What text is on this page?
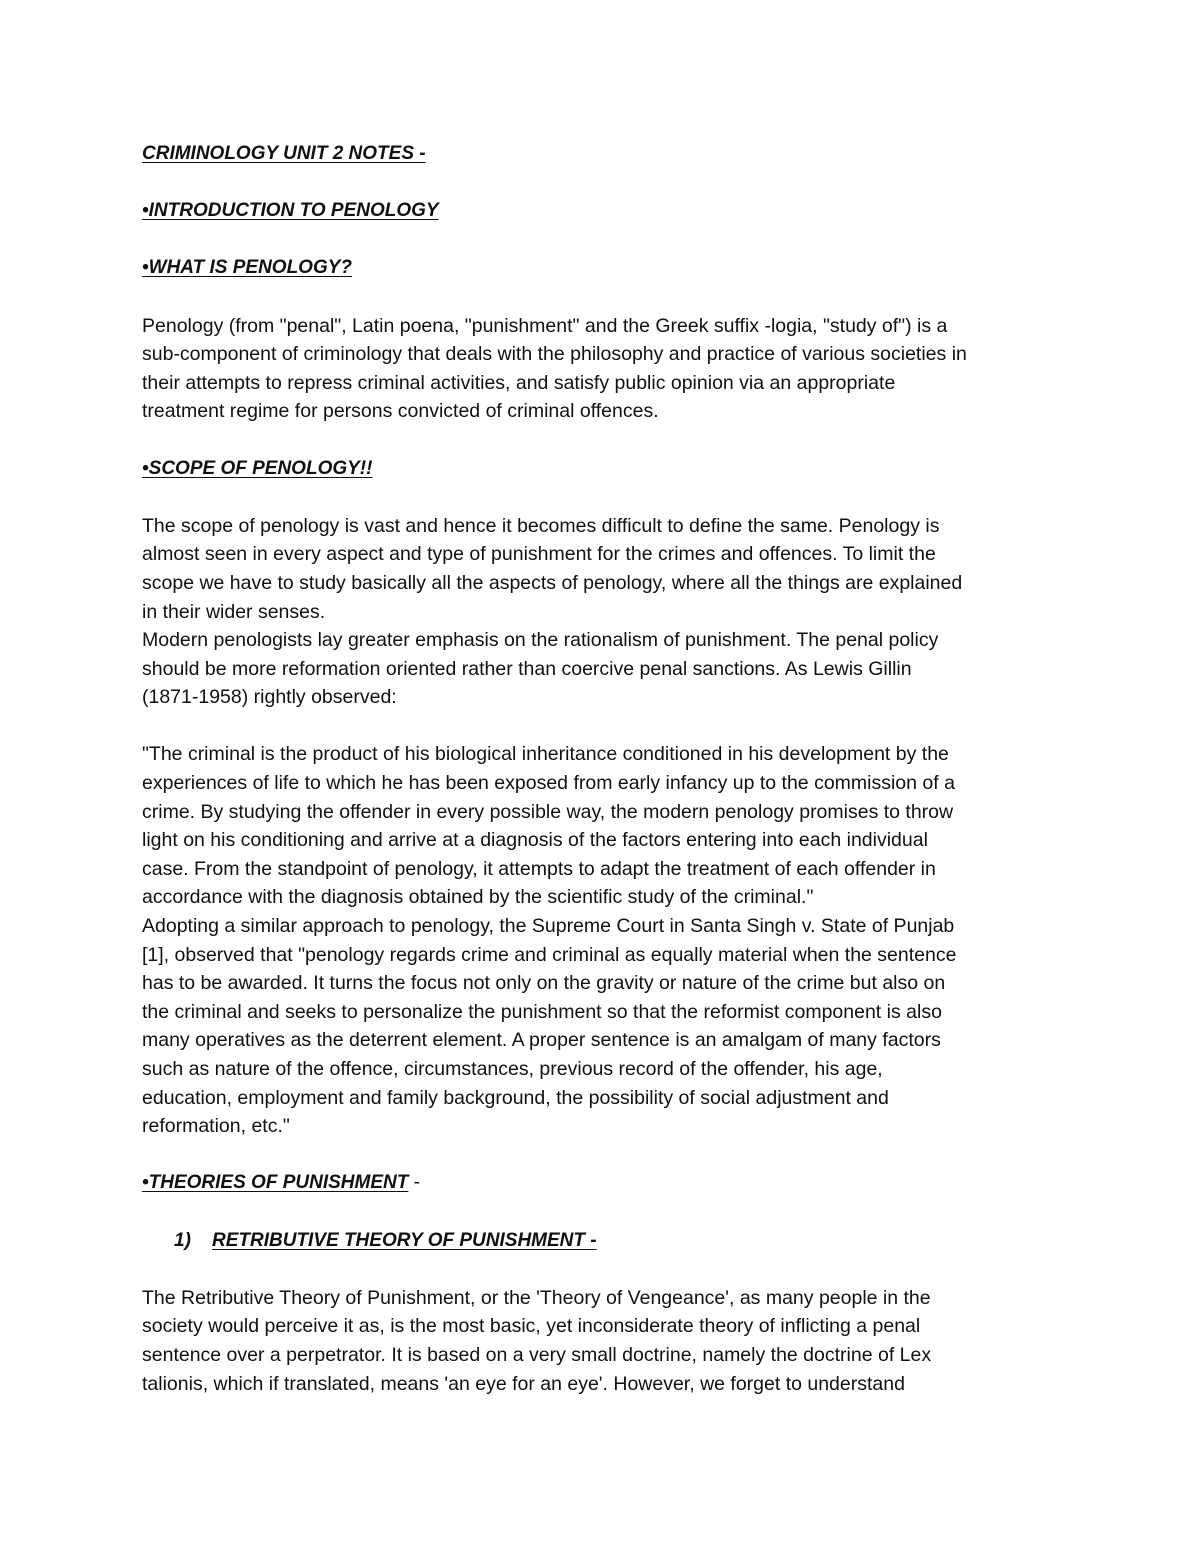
CRIMINOLOGY UNIT 2 NOTES -
•INTRODUCTION TO PENOLOGY
•WHAT IS PENOLOGY?

Penology (from "penal", Latin poena, "punishment" and the Greek suffix -logia, "study of") is a

sub-component of criminology that deals with the philosophy and practice of various societies in

their attempts to repress criminal activities, and satisfy public opinion via an appropriate

treatment regime for persons convicted of criminal offences.

•SCOPE OF PENOLOGY!!

The scope of penology is vast and hence it becomes difficult to define the same. Penology is

almost seen in every aspect and type of punishment for the crimes and offences. To limit the

scope we have to study basically all the aspects of penology, where all the things are explained

in their wider senses.

Modern penologists lay greater emphasis on the rationalism of punishment. The penal policy

should be more reformation oriented rather than coercive penal sanctions. As Lewis Gillin

(1871-1958) rightly observed:

"The criminal is the product of his biological inheritance conditioned in his development by the

experiences of life to which he has been exposed from early infancy up to the commission of a

crime. By studying the offender in every possible way, the modern penology promises to throw

light on his conditioning and arrive at a diagnosis of the factors entering into each individual

case. From the standpoint of penology, it attempts to adapt the treatment of each offender in

accordance with the diagnosis obtained by the scientific study of the criminal."

Adopting a similar approach to penology, the Supreme Court in Santa Singh v. State of Punjab

[1], observed that "penology regards crime and criminal as equally material when the sentence

has to be awarded. It turns the focus not only on the gravity or nature of the crime but also on

the criminal and seeks to personalize the punishment so that the reformist component is also

many operatives as the deterrent element. A proper sentence is an amalgam of many factors

such as nature of the offence, circumstances, previous record of the offender, his age,

education, employment and family background, the possibility of social adjustment and

reformation, etc."

•THEORIES OF PUNISHMENT -
1) RETRIBUTIVE THEORY OF PUNISHMENT -

The Retributive Theory of Punishment, or the 'Theory of Vengeance', as many people in the

society would perceive it as, is the most basic, yet inconsiderate theory of inflicting a penal

sentence over a perpetrator. It is based on a very small doctrine, namely the doctrine of Lex

talionis, which if translated, means 'an eye for an eye'. However, we forget to understand
